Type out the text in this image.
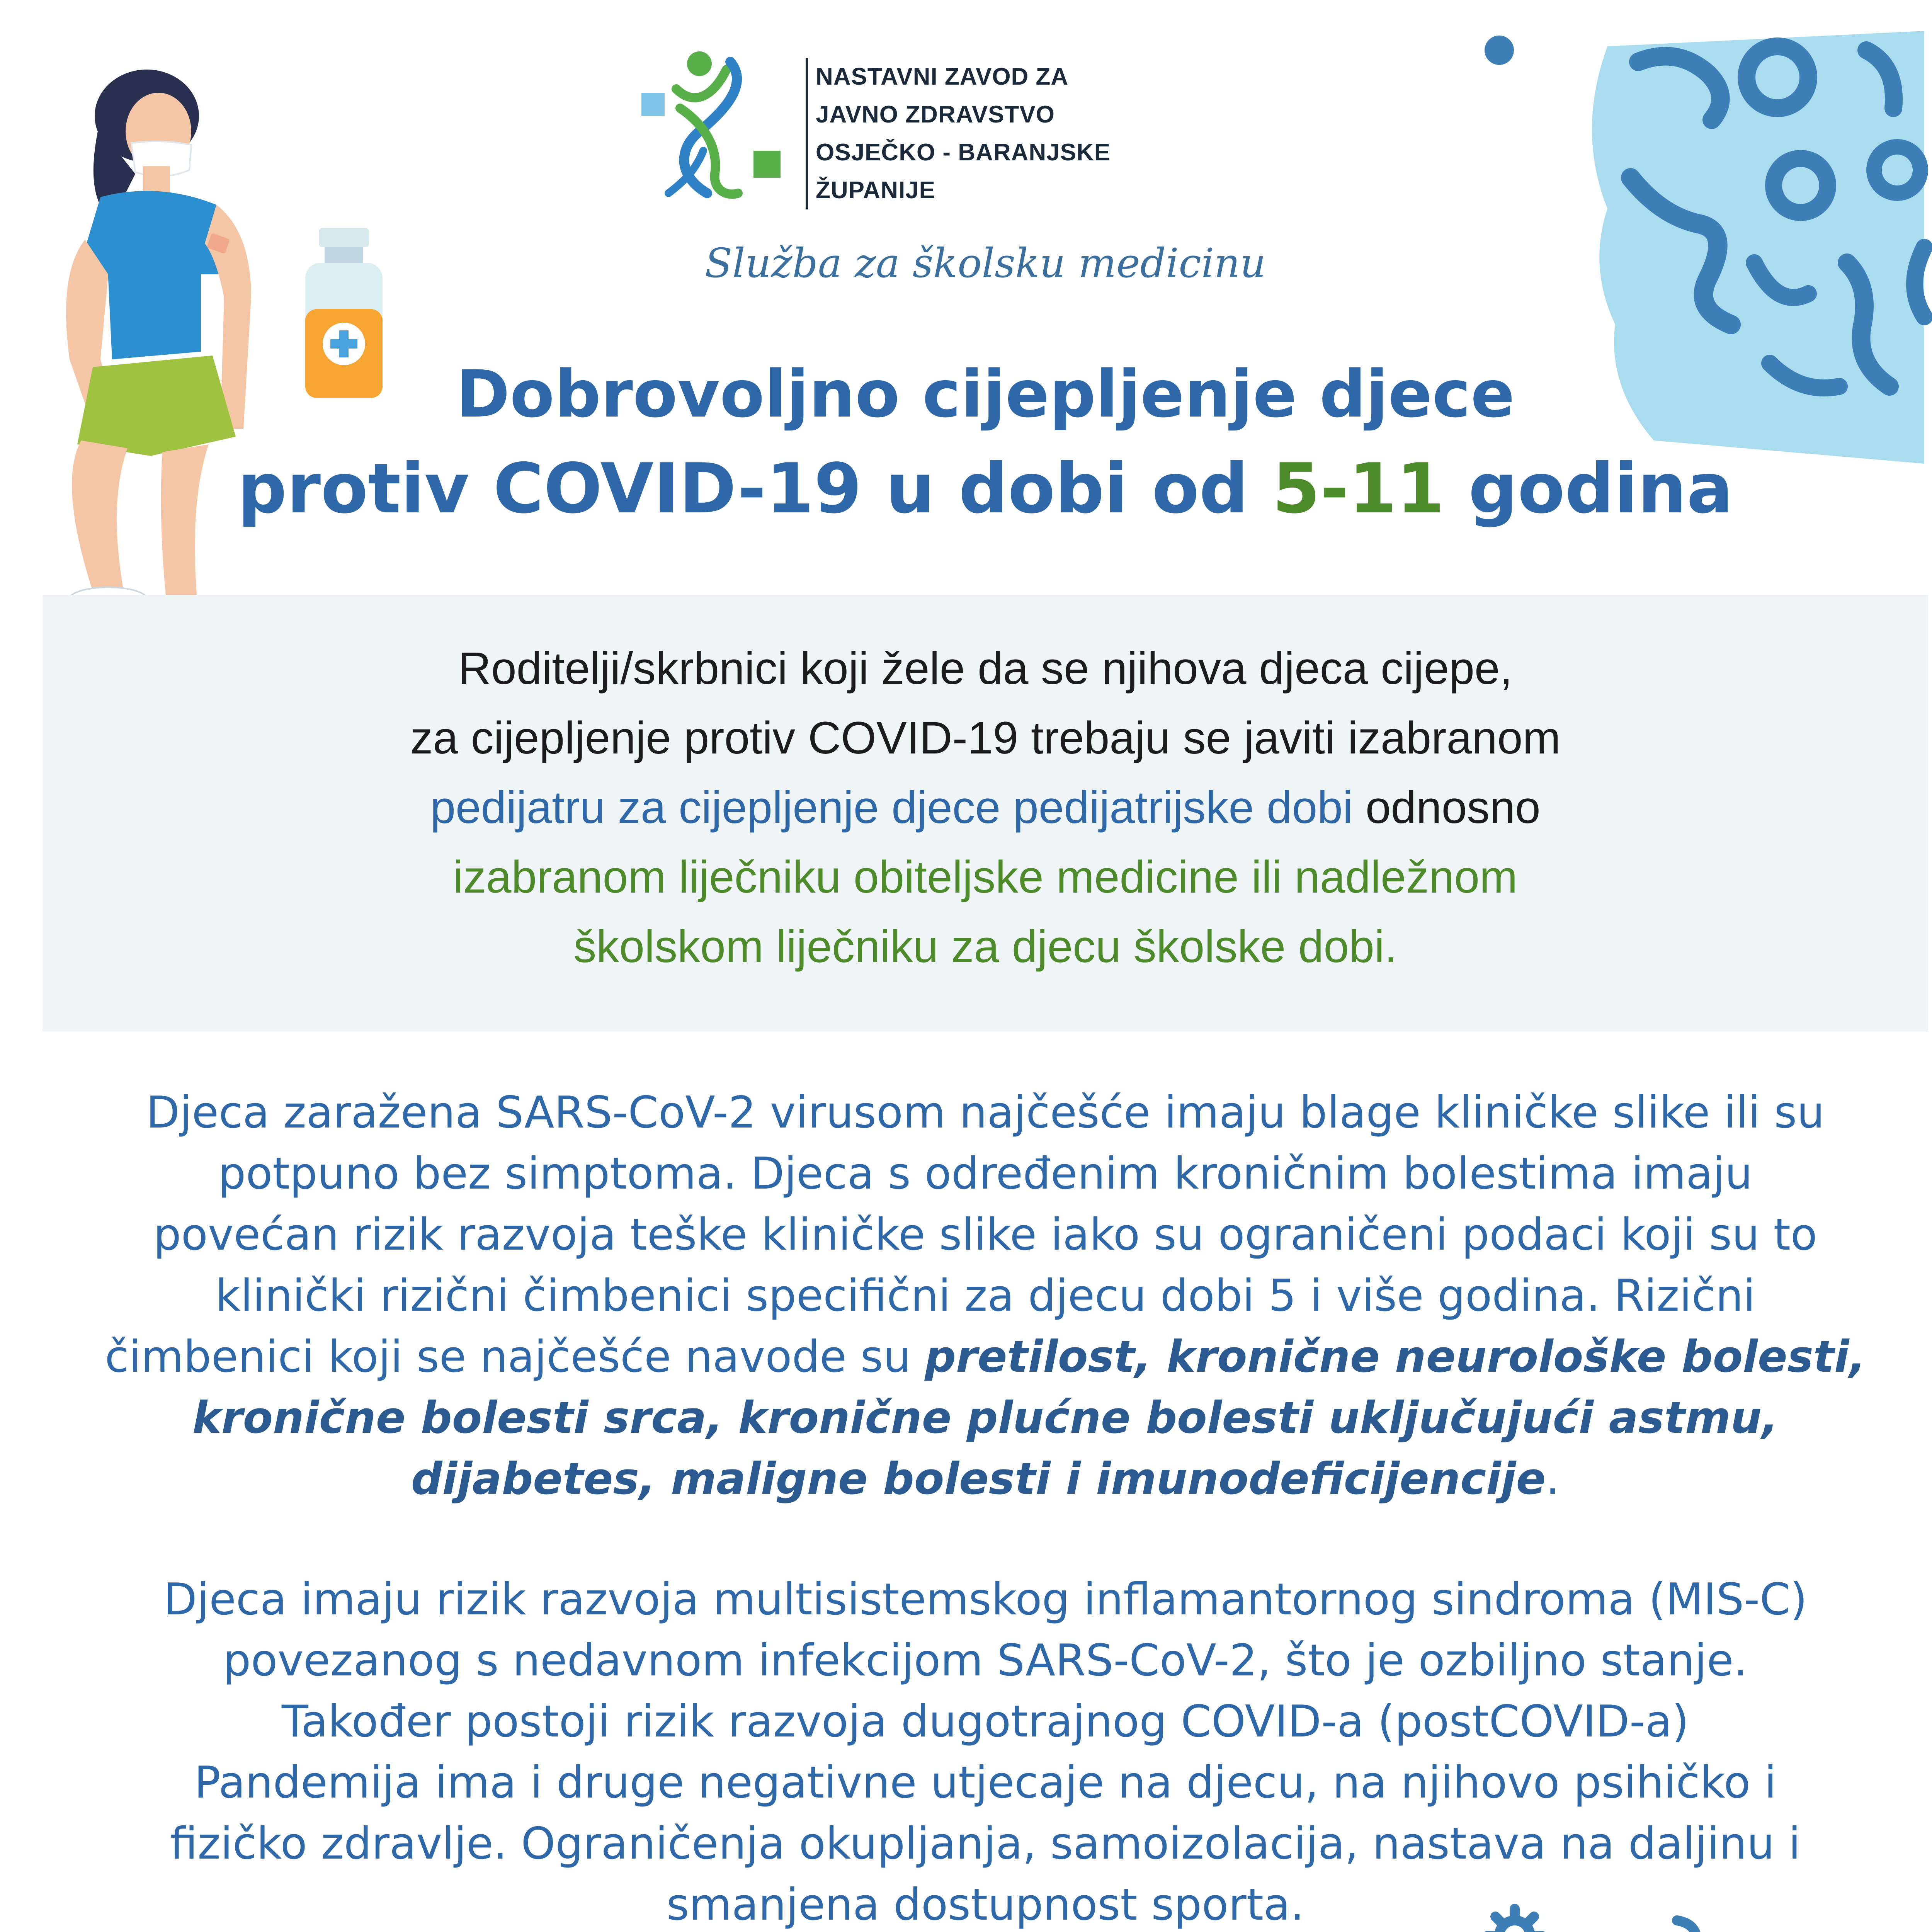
NASTAVNI ZAVOD ZA
JAVNO ZDRAVSTVO
OSJEČKO - BARANJSKE
ŽUPANIJE
Služba za školsku medicinu
Dobrovoljno cijepljenje djece
protiv COVID-19 u dobi od 5-11 godina
Roditelji/skrbnici koji žele da se njihova djeca cijepe,
za cijepljenje protiv COVID-19 trebaju se javiti izabranom
pedijatru za cijepljenje djece pedijatrijske dobi odnosno
izabranom liječniku obiteljske medicine ili nadležnom
školskom liječniku za djecu školske dobi.
Djeca zaražena SARS-CoV-2 virusom najčešće imaju blage kliničke slike ili su
potpuno bez simptoma. Djeca s određenim kroničnim bolestima imaju
povećan rizik razvoja teške kliničke slike iako su ograničeni podaci koji su to
klinički rizični čimbenici specifični za djecu dobi 5 i više godina. Rizični
čimbenici koji se najčešće navode su pretilost, kronične neurološke bolesti,
kronične bolesti srca, kronične plućne bolesti uključujući astmu,
dijabetes, maligne bolesti i imunodeficijencije.
Djeca imaju rizik razvoja multisistemskog inflamantornog sindroma (MIS-C)
povezanog s nedavnom infekcijom SARS-CoV-2, što je ozbiljno stanje.
Također postoji rizik razvoja dugotrajnog COVID-a (postCOVID-a)
Pandemija ima i druge negativne utjecaje na djecu, na njihovo psihičko i
fizičko zdravlje. Ograničenja okupljanja, samoizolacija, nastava na daljinu i
smanjena dostupnost sporta.
